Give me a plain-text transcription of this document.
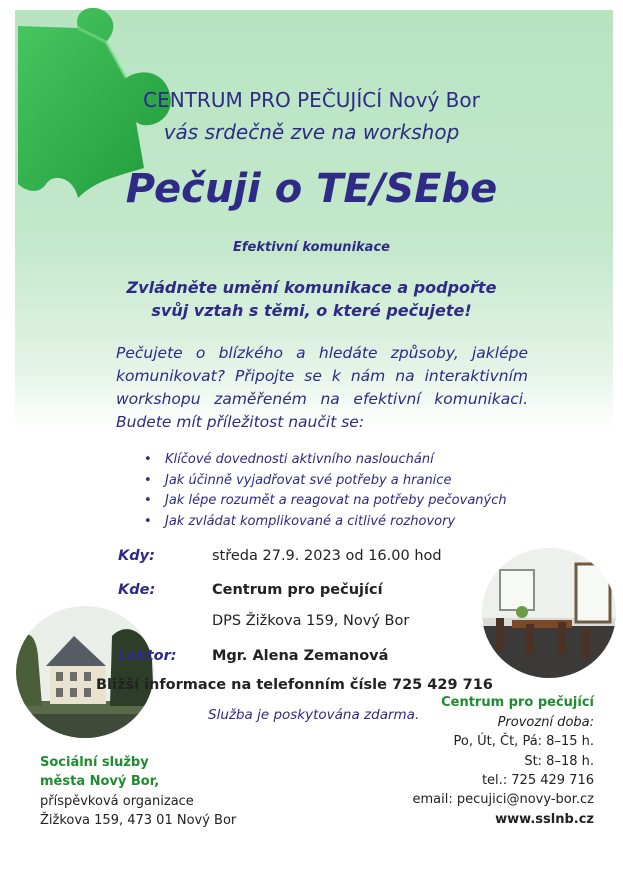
CENTRUM PRO PEČUJÍCÍ Nový Bor
vás srdečně zve na workshop
Pečuji o TE/SEbe
Efektivní komunikace
Zvládněte umění komunikace a podpořte svůj vztah s těmi, o které pečujete!
Pečujete o blízkého a hledáte způsoby, jaklépe komunikovat? Připojte se k nám na interaktivním workshopu zaměřeném na efektivní komunikaci. Budete mít příležitost naučit se:
• Klíčové dovednosti aktivního naslouchání
• Jak účinně vyjadřovat své potřeby a hranice
• Jak lépe rozumět a reagovat na potřeby pečovaných
• Jak zvládat komplikované a citlivé rozhovory
Kdy:	středa 27.9. 2023 od 16.00 hod
Kde:	Centrum pro pečující
DPS Žižkova 159, Nový Bor
Lektor: Mgr. Alena Zemanová
Bližší informace na telefonním čísle 725 429 716
Služba je poskytována zdarma.
Sociální služby
města Nový Bor,
příspěvková organizace
Žižkova 159, 473 01 Nový Bor
Centrum pro pečující
Provozní doba:
Po, Út, Čt, Pá: 8–15 h.
St: 8–18 h.
tel.: 725 429 716
email: pecujici@novy-bor.cz
www.sslnb.cz
